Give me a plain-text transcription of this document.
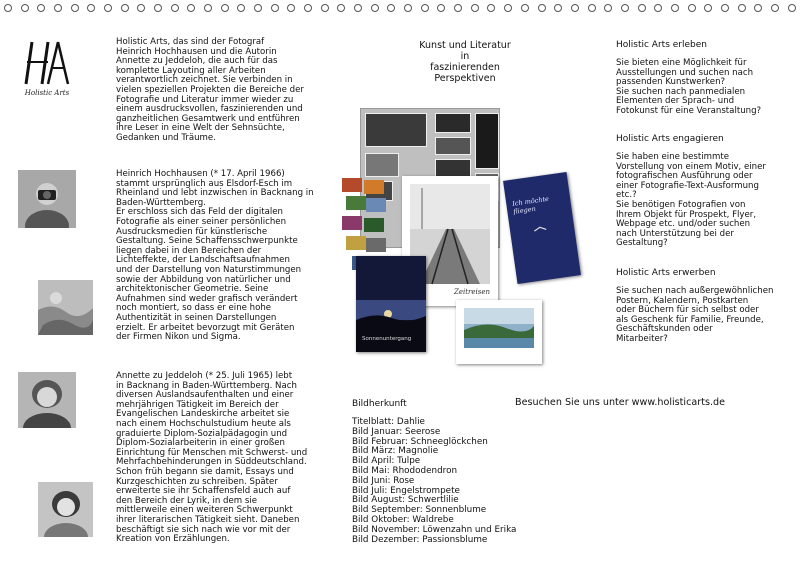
Holistic Arts
Holistic Arts, das sind der Fotograf
Heinrich Hochhausen und die Autorin
Annette zu Jeddeloh, die auch für das
komplette Layouting aller Arbeiten
verantwortlich zeichnet. Sie verbinden in
vielen speziellen Projekten die Bereiche der
Fotografie und Literatur immer wieder zu
einem ausdrucksvollen, faszinierenden und
ganzheitlichen Gesamtwerk und entführen
ihre Leser in eine Welt der Sehnsüchte,
Gedanken und Träume.
Heinrich Hochhausen (* 17. April 1966)
stammt ursprünglich aus Elsdorf-Esch im
Rheinland und lebt inzwischen in Backnang in
Baden-Württemberg.
Er erschloss sich das Feld der digitalen
Fotografie als einer seiner persönlichen
Ausdrucksmedien für künstlerische
Gestaltung. Seine Schaffensschwerpunkte
liegen dabei in den Bereichen der
Lichteffekte, der Landschaftsaufnahmen
und der Darstellung von Naturstimmungen
sowie der Abbildung von natürlicher und
architektonischer Geometrie. Seine
Aufnahmen sind weder grafisch verändert
noch montiert, so dass er eine hohe
Authentizität in seinen Darstellungen
erzielt. Er arbeitet bevorzugt mit Geräten
der Firmen Nikon und Sigma.
Annette zu Jeddeloh (* 25. Juli 1965) lebt
in Backnang in Baden-Württemberg. Nach
diversen Auslandsaufenthalten und einer
mehrjährigen Tätigkeit im Bereich der
Evangelischen Landeskirche arbeitet sie
nach einem Hochschulstudium heute als
graduierte Diplom-Sozialpädagogin und
Diplom-Sozialarbeiterin in einer großen
Einrichtung für Menschen mit Schwerst- und
Mehrfachbehinderungen in Süddeutschland.
Schon früh begann sie damit, Essays und
Kurzgeschichten zu schreiben. Später
erweiterte sie ihr Schaffensfeld auch auf
den Bereich der Lyrik, in dem sie
mittlerweile einen weiteren Schwerpunkt
ihrer literarischen Tätigkeit sieht. Daneben
beschäftigt sie sich nach wie vor mit der
Kreation von Erzählungen.
Kunst und Literatur
in
faszinierenden
Perspektiven
Zeitreisen
Ich möchte fliegen
Sonnenuntergang
Bildherkunft
Titelblatt: Dahlie
Bild Januar: Seerose
Bild Februar: Schneeglöckchen
Bild März: Magnolie
Bild April: Tulpe
Bild Mai: Rhododendron
Bild Juni: Rose
Bild Juli: Engelstrompete
Bild August: Schwertlilie
Bild September: Sonnenblume
Bild Oktober: Waldrebe
Bild November: Löwenzahn und Erika
Bild Dezember: Passionsblume
Besuchen Sie uns unter www.holisticarts.de
Holistic Arts erleben
Sie bieten eine Möglichkeit für
Ausstellungen und suchen nach
passenden Kunstwerken?
Sie suchen nach panmedialen
Elementen der Sprach- und
Fotokunst für eine Veranstaltung?
Holistic Arts engagieren
Sie haben eine bestimmte
Vorstellung von einem Motiv, einer
fotografischen Ausführung oder
einer Fotografie-Text-Ausformung
etc.?
Sie benötigen Fotografien von
Ihrem Objekt für Prospekt, Flyer,
Webpage etc. und/oder suchen
nach Unterstützung bei der
Gestaltung?
Holistic Arts erwerben
Sie suchen nach außergewöhnlichen
Postern, Kalendern, Postkarten
oder Büchern für sich selbst oder
als Geschenk für Familie, Freunde,
Geschäftskunden oder
Mitarbeiter?
